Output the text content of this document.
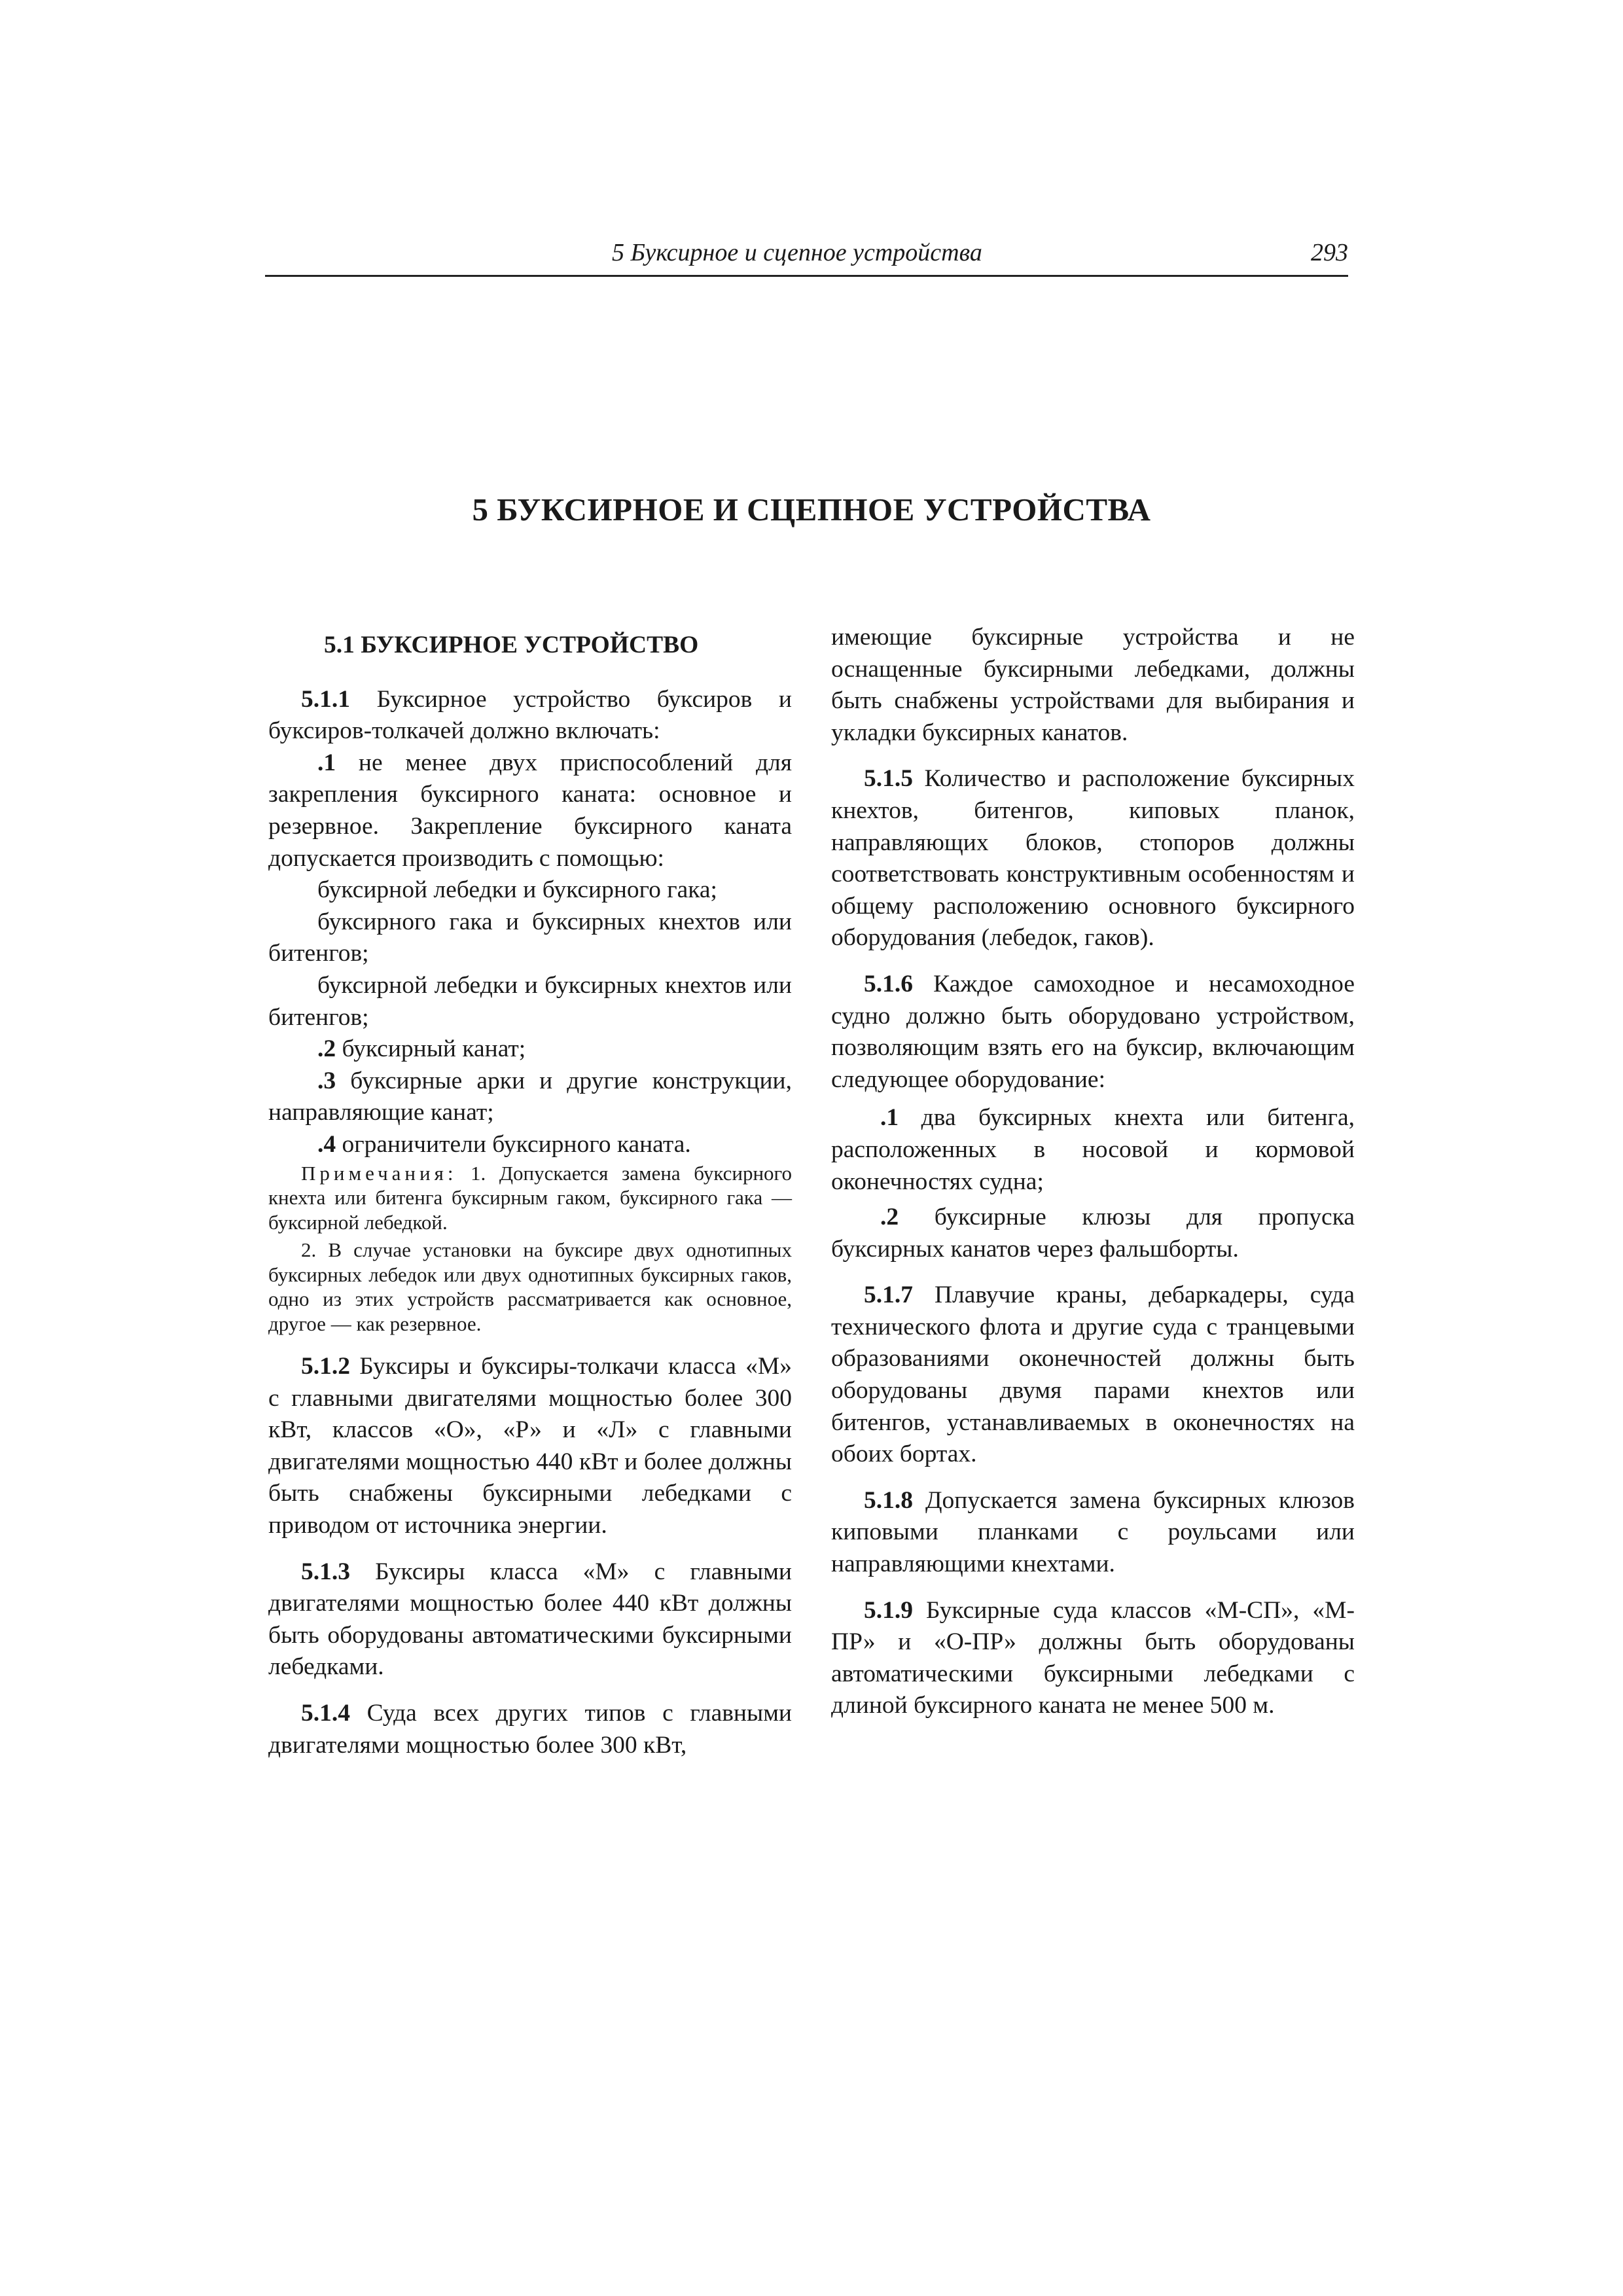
5 Буксирное и сцепное устройства	293
5 БУКСИРНОЕ И СЦЕПНОЕ УСТРОЙСТВА

5.1 БУКСИРНОЕ УСТРОЙСТВО

5.1.1 Буксирное устройство буксиров и буксиров-толкачей должно включать:

.1 не менее двух приспособлений для закрепления буксирного каната: основное и резервное. Закрепление буксирного каната допускается производить с помощью:

буксирной лебедки и буксирного гака;

буксирного гака и буксирных кнехтов или битенгов;

буксирной лебедки и буксирных кнехтов или битенгов;

.2 буксирный канат;

.3 буксирные арки и другие конструкции, направляющие канат;

.4 ограничители буксирного каната.

Примечания: 1. Допускается замена буксирного кнехта или битенга буксирным гаком, буксирного гака — буксирной лебедкой.

2. В случае установки на буксире двух однотипных буксирных лебедок или двух однотипных буксирных гаков, одно из этих устройств рассматривается как основное, другое — как резервное.

5.1.2 Буксиры и буксиры-толкачи класса «М» с главными двигателями мощностью более 300 кВт, классов «О», «Р» и «Л» с главными двигателями мощностью 440 кВт и более должны быть снабжены буксирными лебедками с приводом от источника энергии.

5.1.3 Буксиры класса «М» с главными двигателями мощностью более 440 кВт должны быть оборудованы автоматическими буксирными лебедками.

5.1.4 Суда всех других типов с главными двигателями мощностью более 300 кВт,

имеющие буксирные устройства и не оснащенные буксирными лебедками, должны быть снабжены устройствами для выбирания и укладки буксирных канатов.

5.1.5 Количество и расположение буксирных кнехтов, битенгов, киповых планок, направляющих блоков, стопоров должны соответствовать конструктивным особенностям и общему расположению основного буксирного оборудования (лебедок, гаков).

5.1.6 Каждое самоходное и несамоходное судно должно быть оборудовано устройством, позволяющим взять его на буксир, включающим следующее оборудование:

.1 два буксирных кнехта или битенга, расположенных в носовой и кормовой оконечностях судна;

.2 буксирные клюзы для пропуска буксирных канатов через фальшборты.

5.1.7 Плавучие краны, дебаркадеры, суда технического флота и другие суда с транцевыми образованиями оконечностей должны быть оборудованы двумя парами кнехтов или битенгов, устанавливаемых в оконечностях на обоих бортах.

5.1.8 Допускается замена буксирных клюзов киповыми планками с роульсами или направляющими кнехтами.

5.1.9 Буксирные суда классов «М-СП», «М-ПР» и «О-ПР» должны быть оборудованы автоматическими буксирными лебедками с длиной буксирного каната не менее 500 м.
